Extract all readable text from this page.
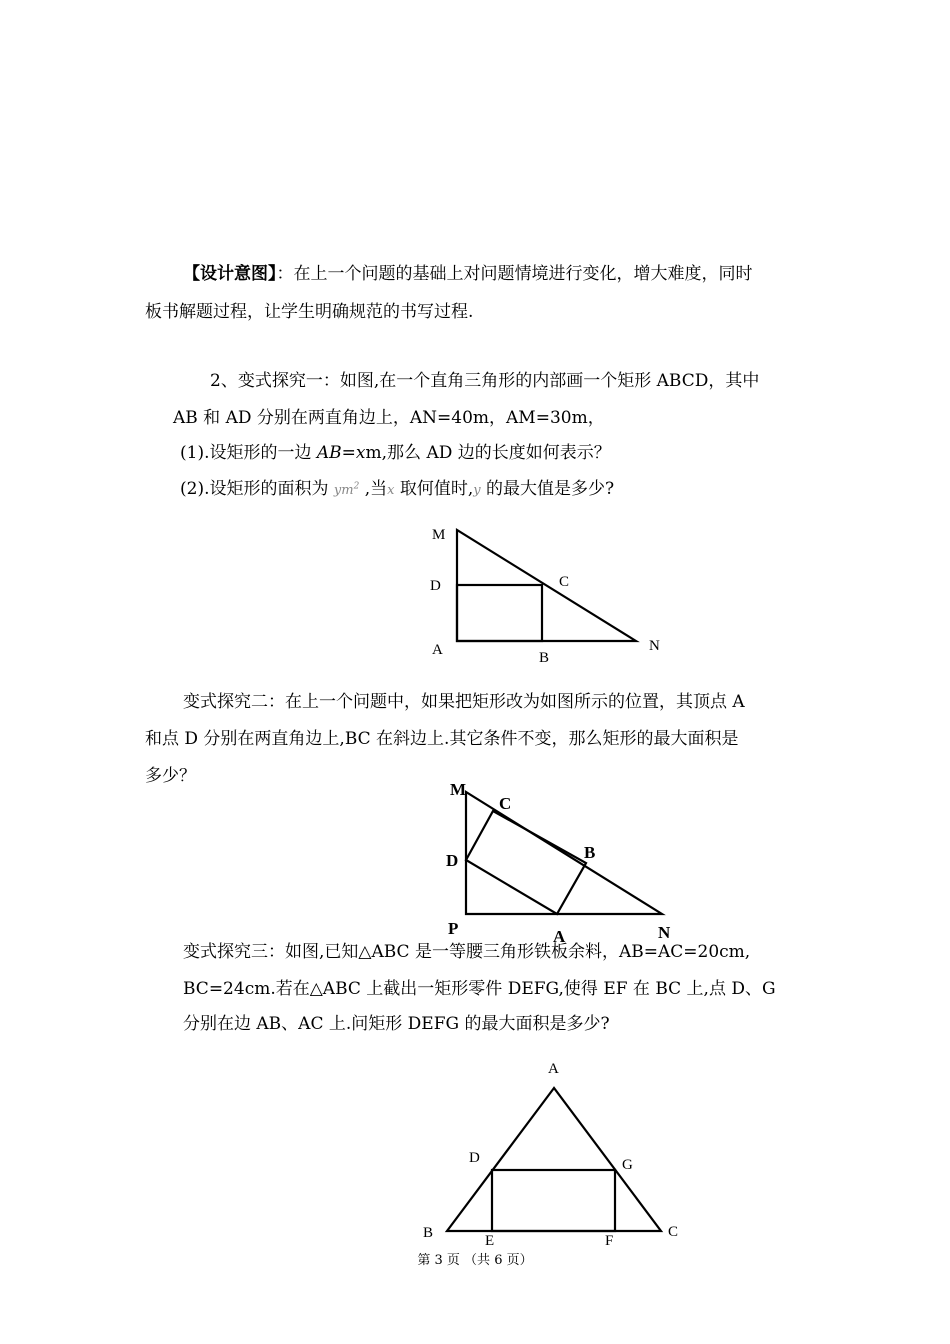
【设计意图】：在上一个问题的基础上对问题情境进行变化，增大难度，同时
板书解题过程，让学生明确规范的书写过程.
2、变式探究一：如图,在一个直角三角形的内部画一个矩形 ABCD，其中
AB 和 AD 分别在两直角边上，AN=40m，AM=30m，
(1).设矩形的一边 AB=xm,那么 AD 边的长度如何表示？
(2).设矩形的面积为 $ym^2$ ,当x 取何值时,y 的最大值是多少?
变式探究二：在上一个问题中，如果把矩形改为如图所示的位置，其顶点 A
和点 D 分别在两直角边上,BC 在斜边上.其它条件不变，那么矩形的最大面积是
多少？
变式探究三：如图,已知△ABC 是一等腰三角形铁板余料，AB=AC=20cm,
BC=24cm.若在△ABC 上截出一矩形零件 DEFG,使得 EF 在 BC 上,点 D、G
分别在边 AB、AC 上.问矩形 DEFG 的最大面积是多少?
M
D	C
A	B
N
M
C
D	B
P	A	N
A
D	G
B	E	F
C
第 3 页 （共 6 页）
